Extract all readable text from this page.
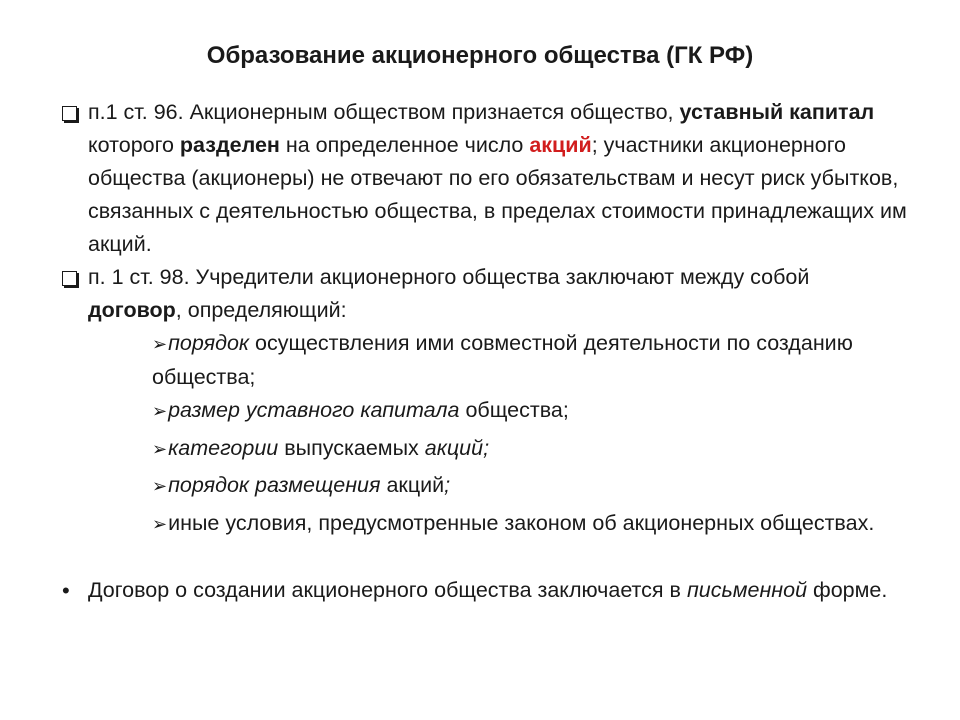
Образование акционерного общества (ГК РФ)
п.1 ст. 96. Акционерным обществом признается общество, уставный капитал которого разделен на определенное число акций; участники акционерного общества (акционеры) не отвечают по его обязательствам и несут риск убытков, связанных с деятельностью общества, в пределах стоимости принадлежащих им акций.
п. 1 ст. 98. Учредители акционерного общества заключают между собой договор, определяющий:
➢порядок осуществления ими совместной деятельности по созданию общества;
➢размер уставного капитала общества;
➢категории выпускаемых акций;
➢порядок размещения акций;
➢иные условия, предусмотренные законом об акционерных обществах.
• Договор о создании акционерного общества заключается в письменной форме.
